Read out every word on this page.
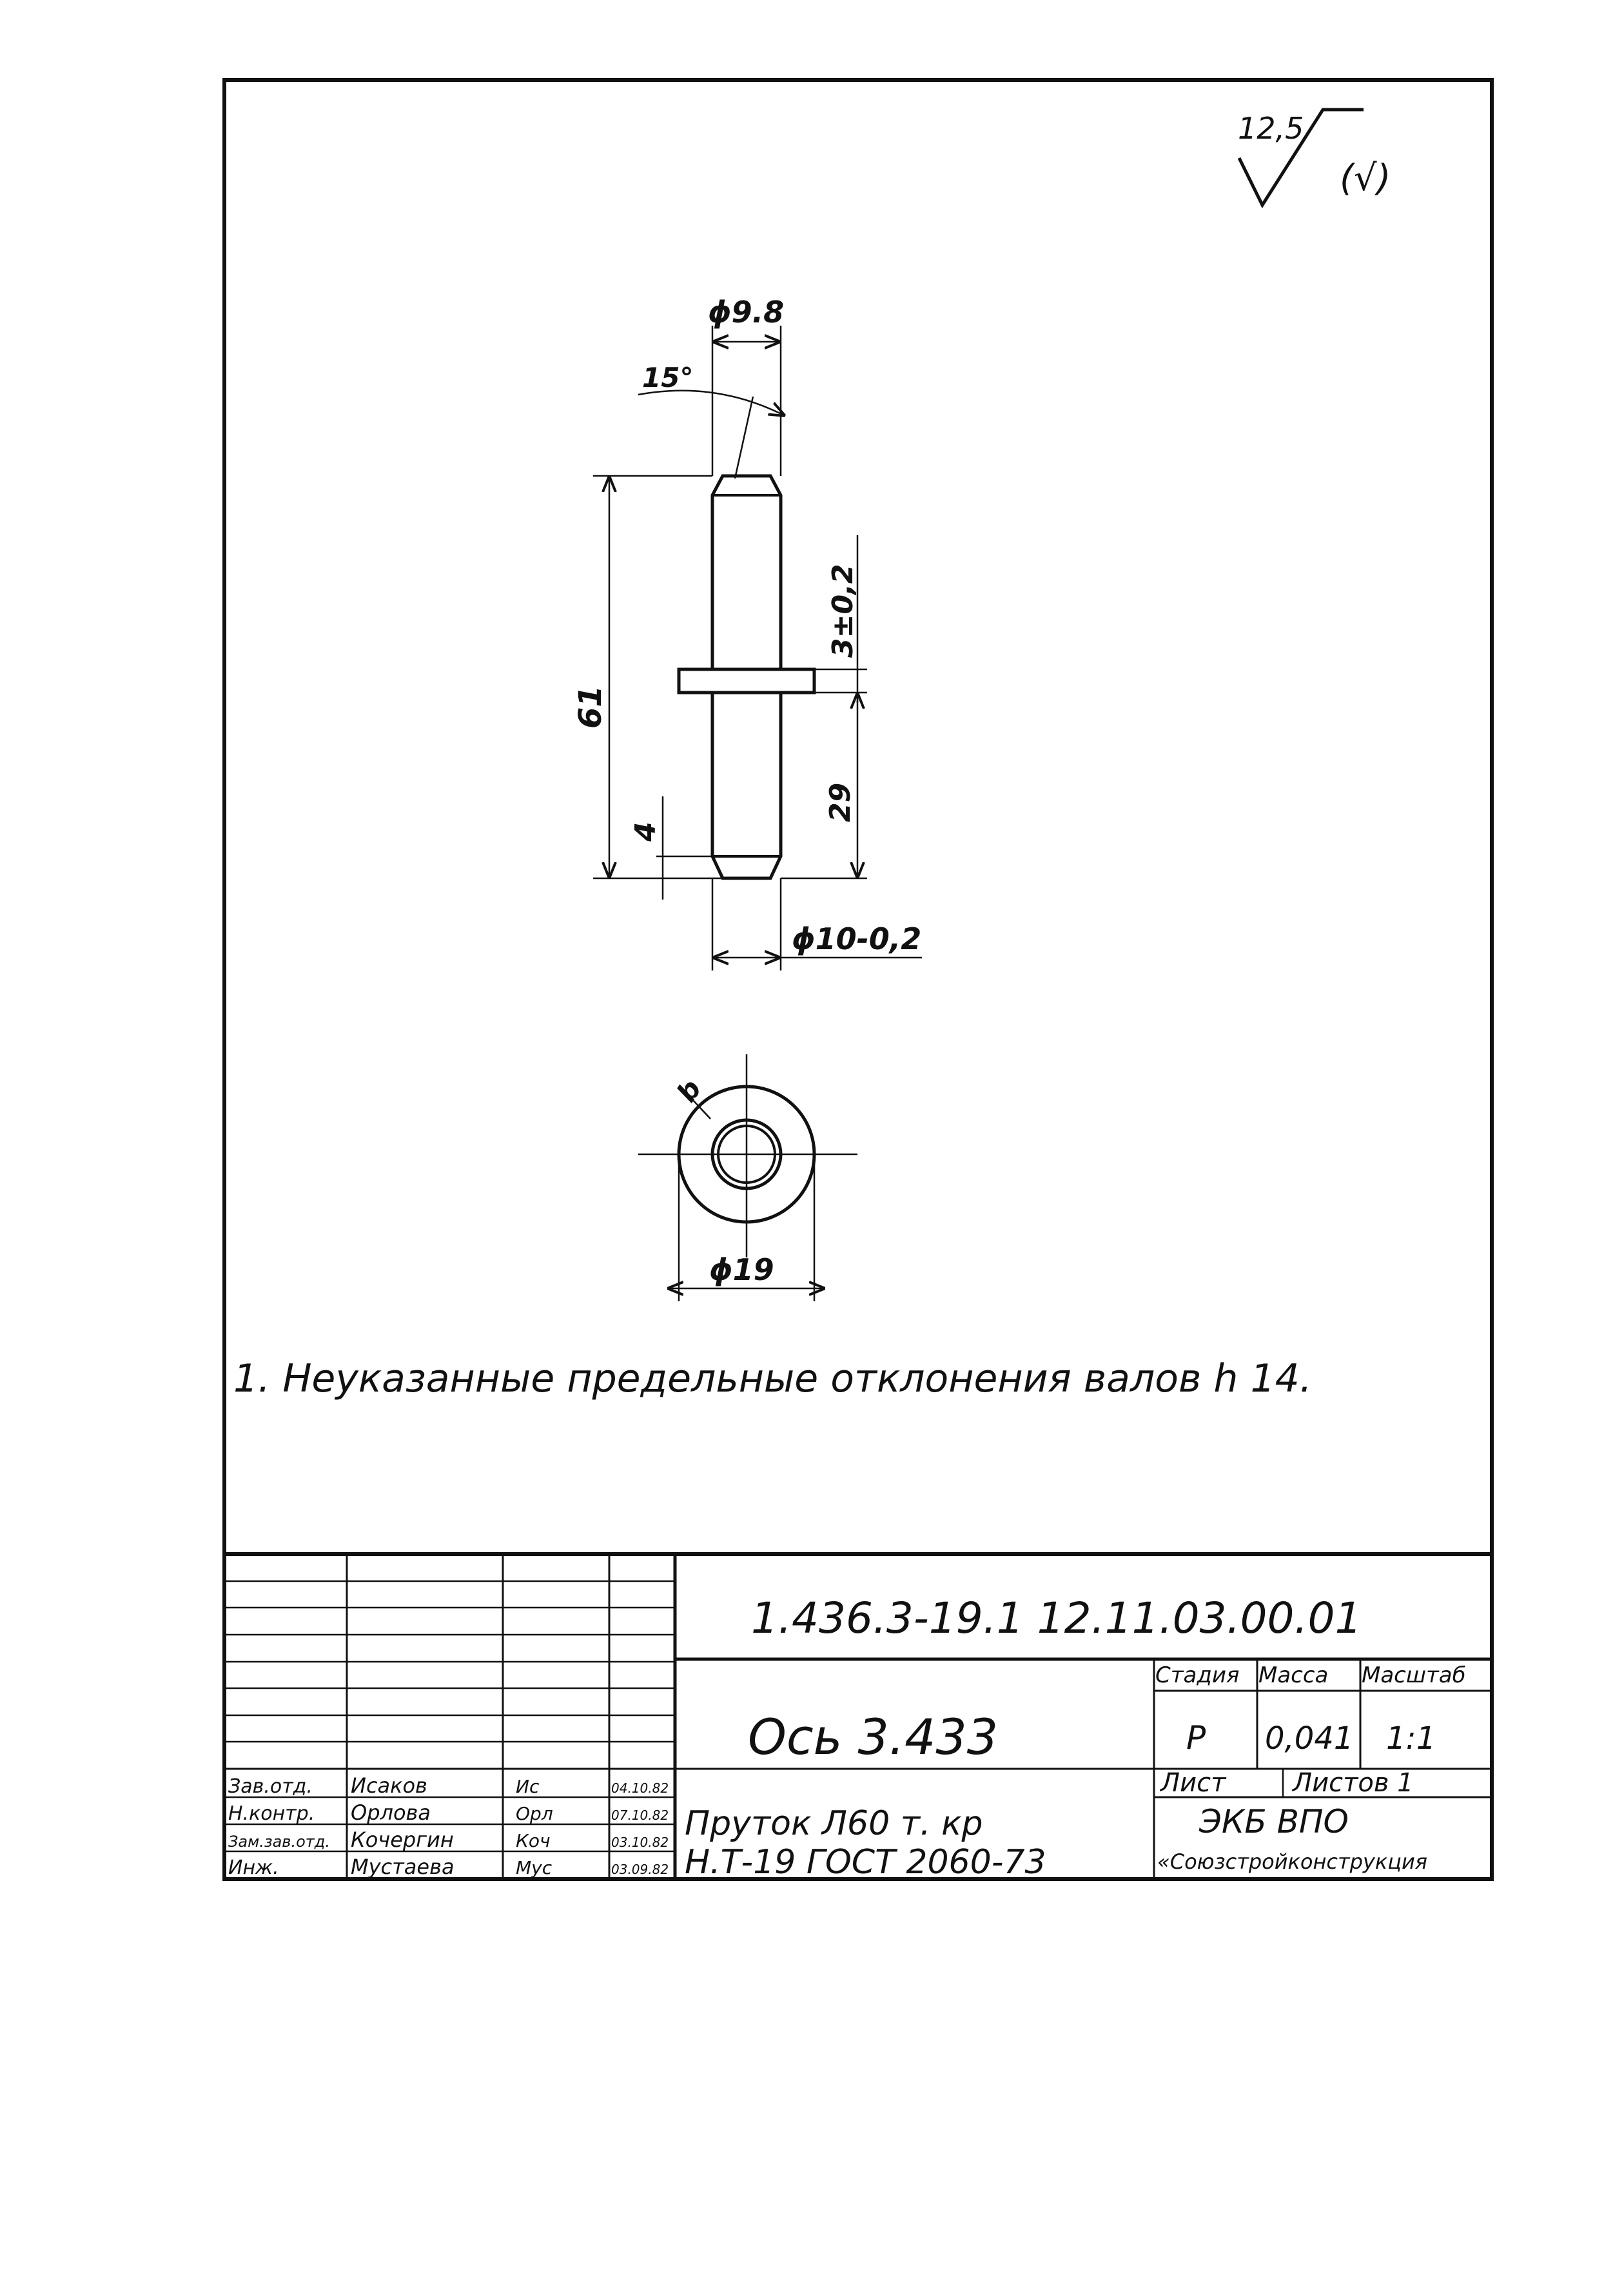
12,5
(√)
ϕ9.8
15°
61
4
3±0,2
29
ϕ10-0,2
b
ϕ19
1. Неуказанные предельные отклонения валов h 14.
1.436.3-19.1 12.11.03.00.01
Ось 3.433
Стадия Масса Масштаб
Р 0,041 1:1
Лист	Листов 1
Пруток Л60 т. кр
Н.Т-19 ГОСТ 2060-73
ЭКБ ВПО
«Союзстройконструкция
Зав.отд. Исаков	Ис	04.10.82
Н.контр. Орлова	Орл	07.10.82
Зам.зав.отд. Кочергин	Коч	03.10.82
Инж.	Мустаева	Мус	03.09.82
